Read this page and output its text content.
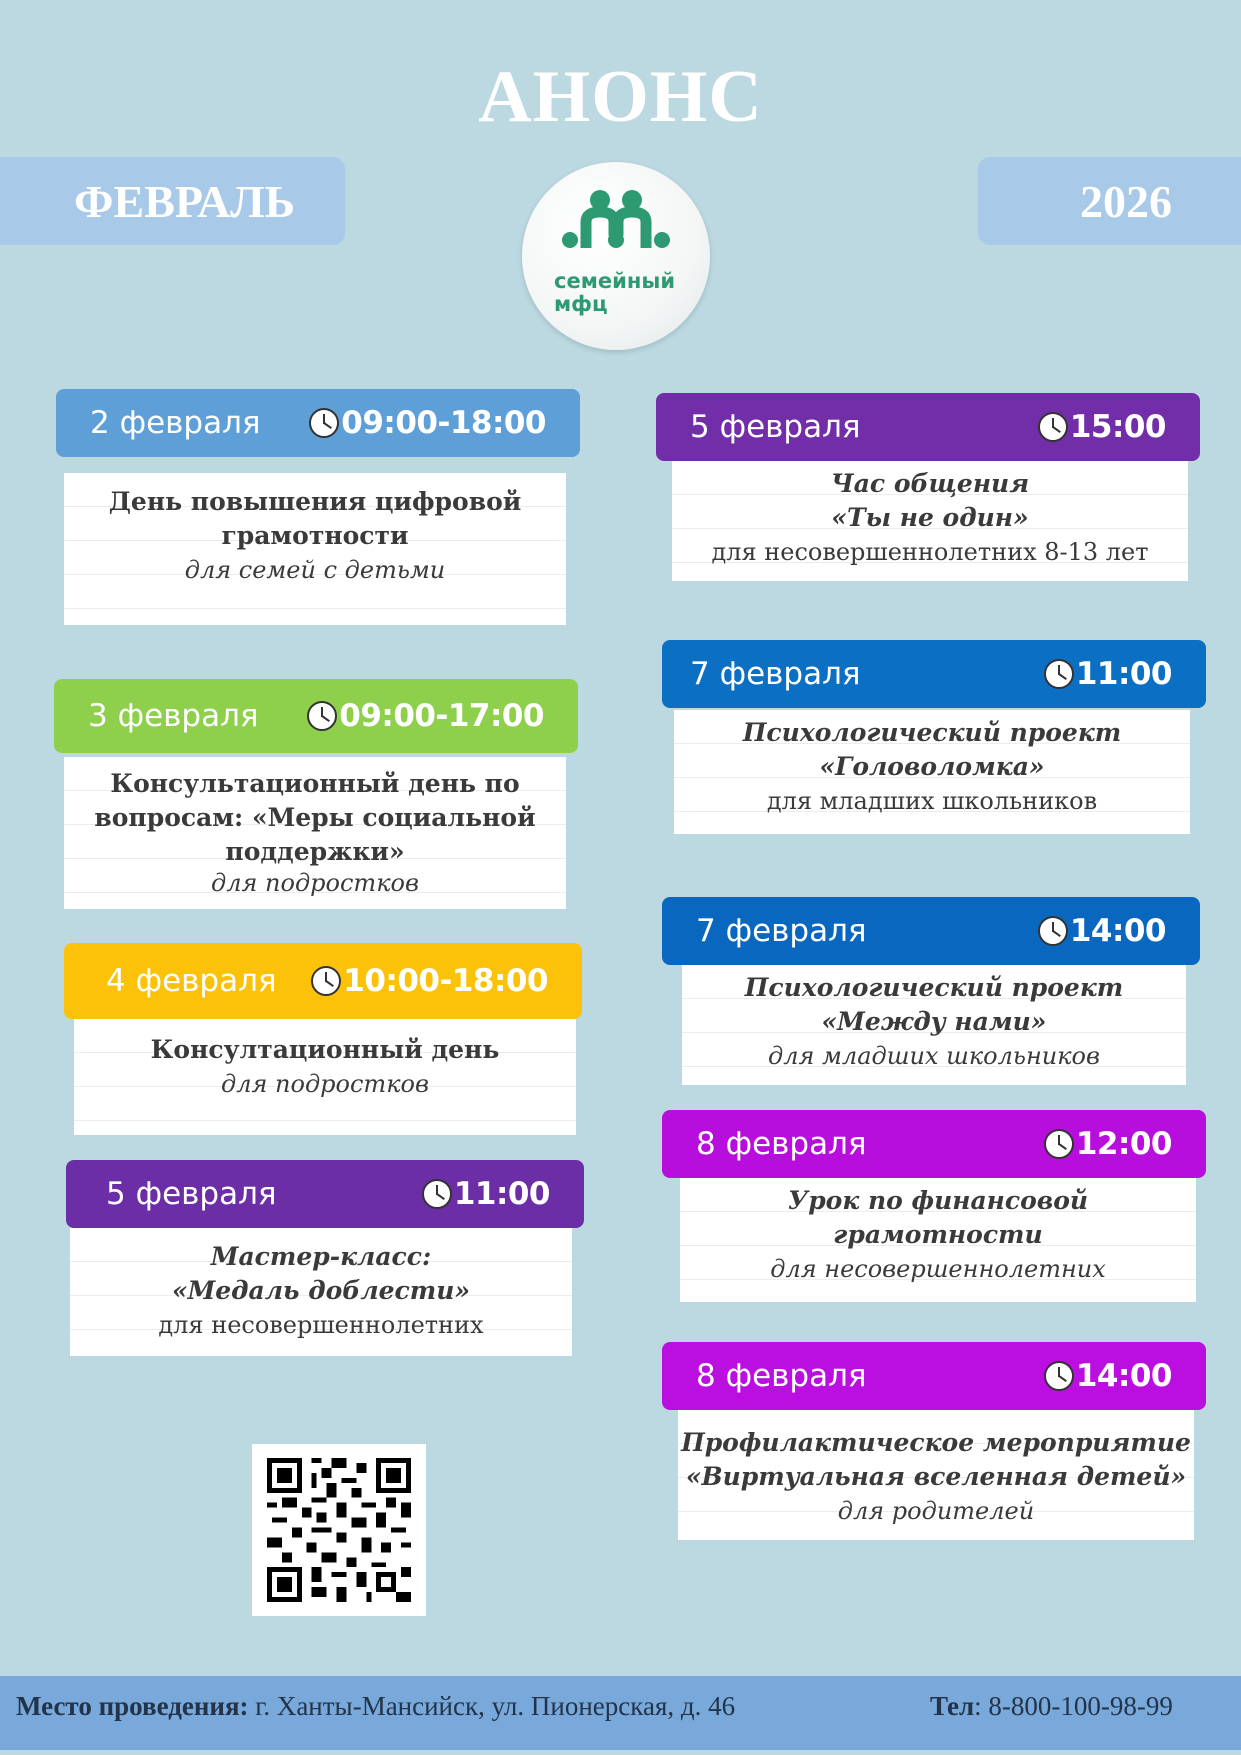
АНОНС
ФЕВРАЛЬ	2026
семейный
мфц
2 февраля	09:00-18:00
День повышения цифровой
грамотности
для семей с детьми
3 февраля	09:00-17:00
Консультационный день по
вопросам: «Меры социальной
поддержки»
для подростков
4 февраля 10:00-18:00
Консултационный день
для подростков
5 февраля	11:00
Мастер-класс:
«Медаль доблести»
для несовершеннолетних
5 февраля	15:00
Час общения
«Ты не один»
для несовершеннолетних 8-13 лет
7 февраля	11:00
Психологический проект
«Головоломка»
для младших школьников
7 февраля	14:00
Психологический проект
«Между нами»
для младших школьников
8 февраля	12:00
Урок по финансовой грамотности
для несовершеннолетних
8 февраля	14:00
Профилактическое мероприятие
«Виртуальная вселенная детей»
для родителей
Место проведения: г. Ханты-Мансийск, ул. Пионерская, д. 46	Тел: 8-800-100-98-99
